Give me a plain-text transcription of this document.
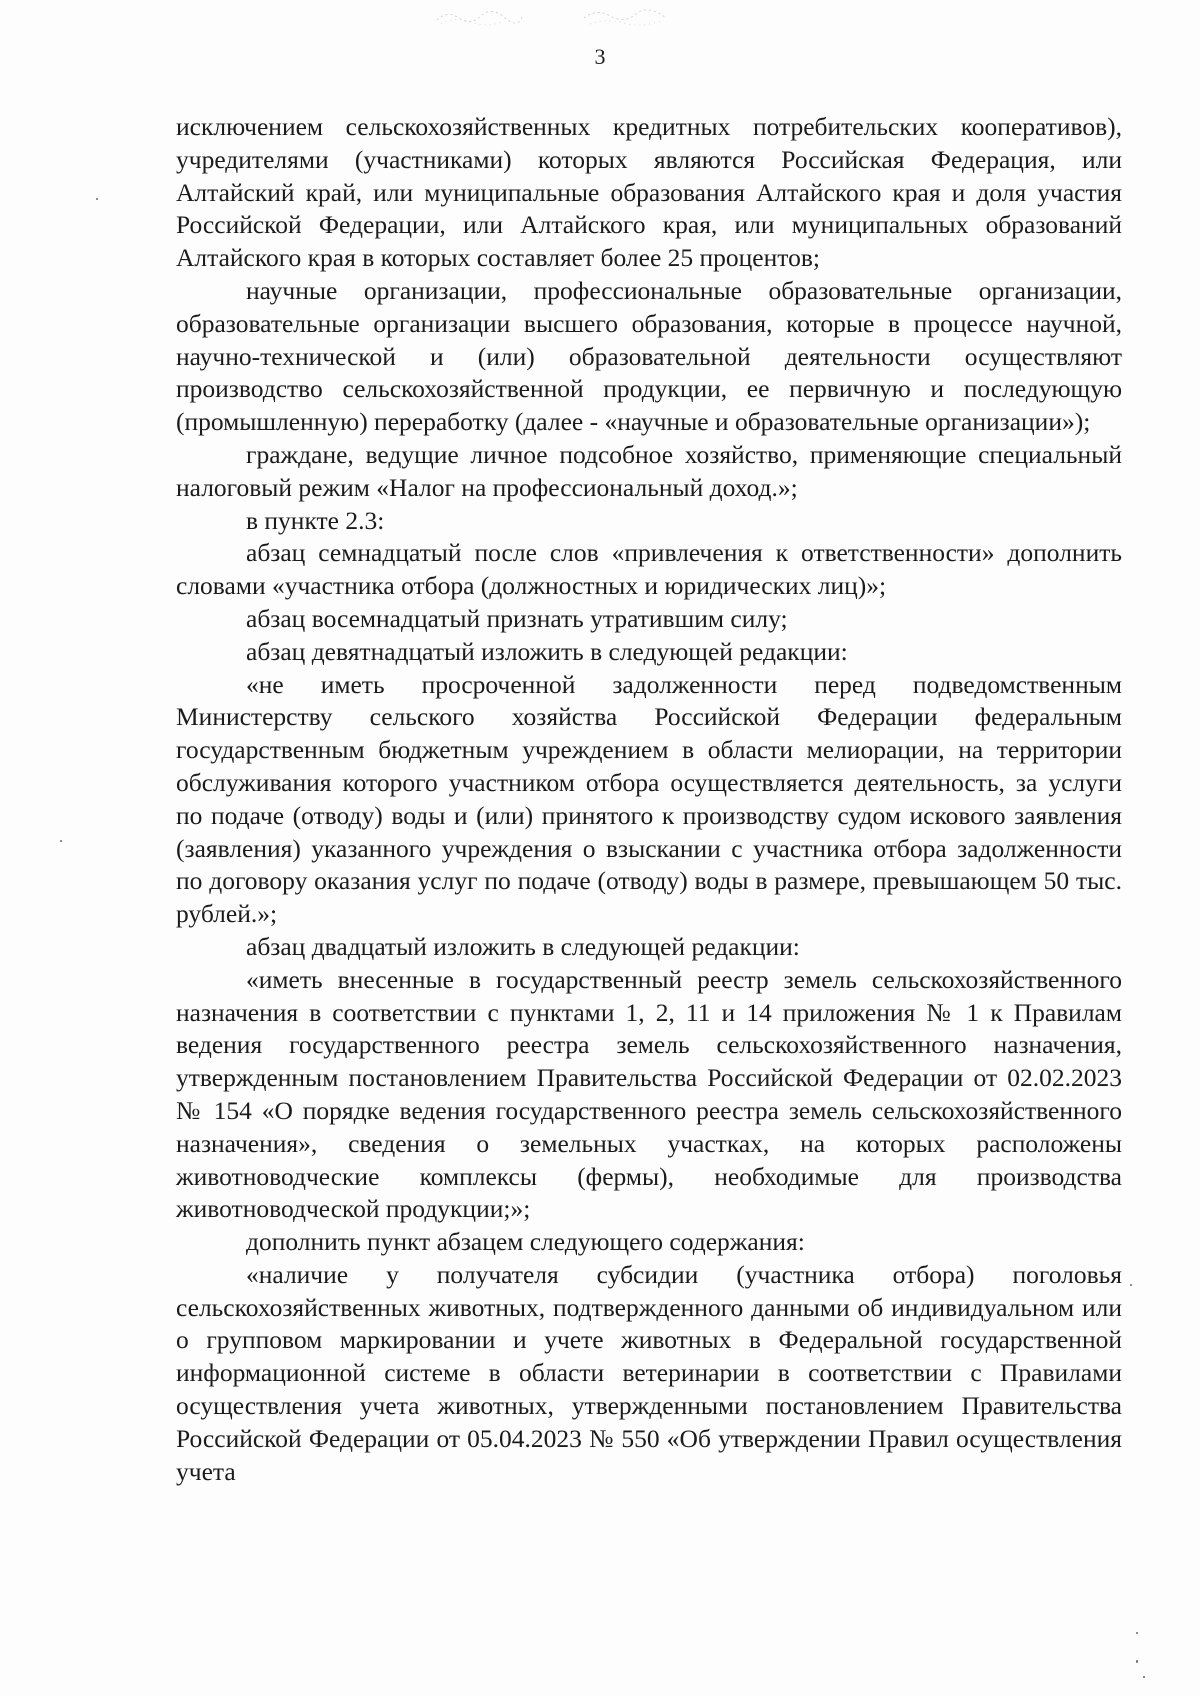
3

исключением сельскохозяйственных кредитных потребительских кооперативов), учредителями (участниками) которых являются Российская Федерация, или Алтайский край, или муниципальные образования Алтайского края и доля участия Российской Федерации, или Алтайского края, или муниципальных образований Алтайского края в которых составляет более 25 процентов;

научные организации, профессиональные образовательные организации, образовательные организации высшего образования, которые в процессе научной, научно-технической и (или) образовательной деятельности осуществляют производство сельскохозяйственной продукции, ее первичную и последующую (промышленную) переработку (далее - «научные и образовательные организации»);

граждане, ведущие личное подсобное хозяйство, применяющие специальный налоговый режим «Налог на профессиональный доход.»;

в пункте 2.3:

абзац семнадцатый после слов «привлечения к ответственности» дополнить словами «участника отбора (должностных и юридических лиц)»;

абзац восемнадцатый признать утратившим силу;

абзац девятнадцатый изложить в следующей редакции:

«не иметь просроченной задолженности перед подведомственным Министерству сельского хозяйства Российской Федерации федеральным государственным бюджетным учреждением в области мелиорации, на территории обслуживания которого участником отбора осуществляется деятельность, за услуги по подаче (отводу) воды и (или) принятого к производству судом искового заявления (заявления) указанного учреждения о взыскании с участника отбора задолженности по договору оказания услуг по подаче (отводу) воды в размере, превышающем 50 тыс. рублей.»;

абзац двадцатый изложить в следующей редакции:

«иметь внесенные в государственный реестр земель сельскохозяйственного назначения в соответствии с пунктами 1, 2, 11 и 14 приложения № 1 к Правилам ведения государственного реестра земель сельскохозяйственного назначения, утвержденным постановлением Правительства Российской Федерации от 02.02.2023 № 154 «О порядке ведения государственного реестра земель сельскохозяйственного назначения», сведения о земельных участках, на которых расположены животноводческие комплексы (фермы), необходимые для производства животноводческой продукции;»;

дополнить пункт абзацем следующего содержания:

«наличие у получателя субсидии (участника отбора) поголовья сельскохозяйственных животных, подтвержденного данными об индивидуальном или о групповом маркировании и учете животных в Федеральной государственной информационной системе в области ветеринарии в соответствии с Правилами осуществления учета животных, утвержденными постановлением Правительства Российской Федерации от 05.04.2023 № 550 «Об утверждении Правил осуществления учета
